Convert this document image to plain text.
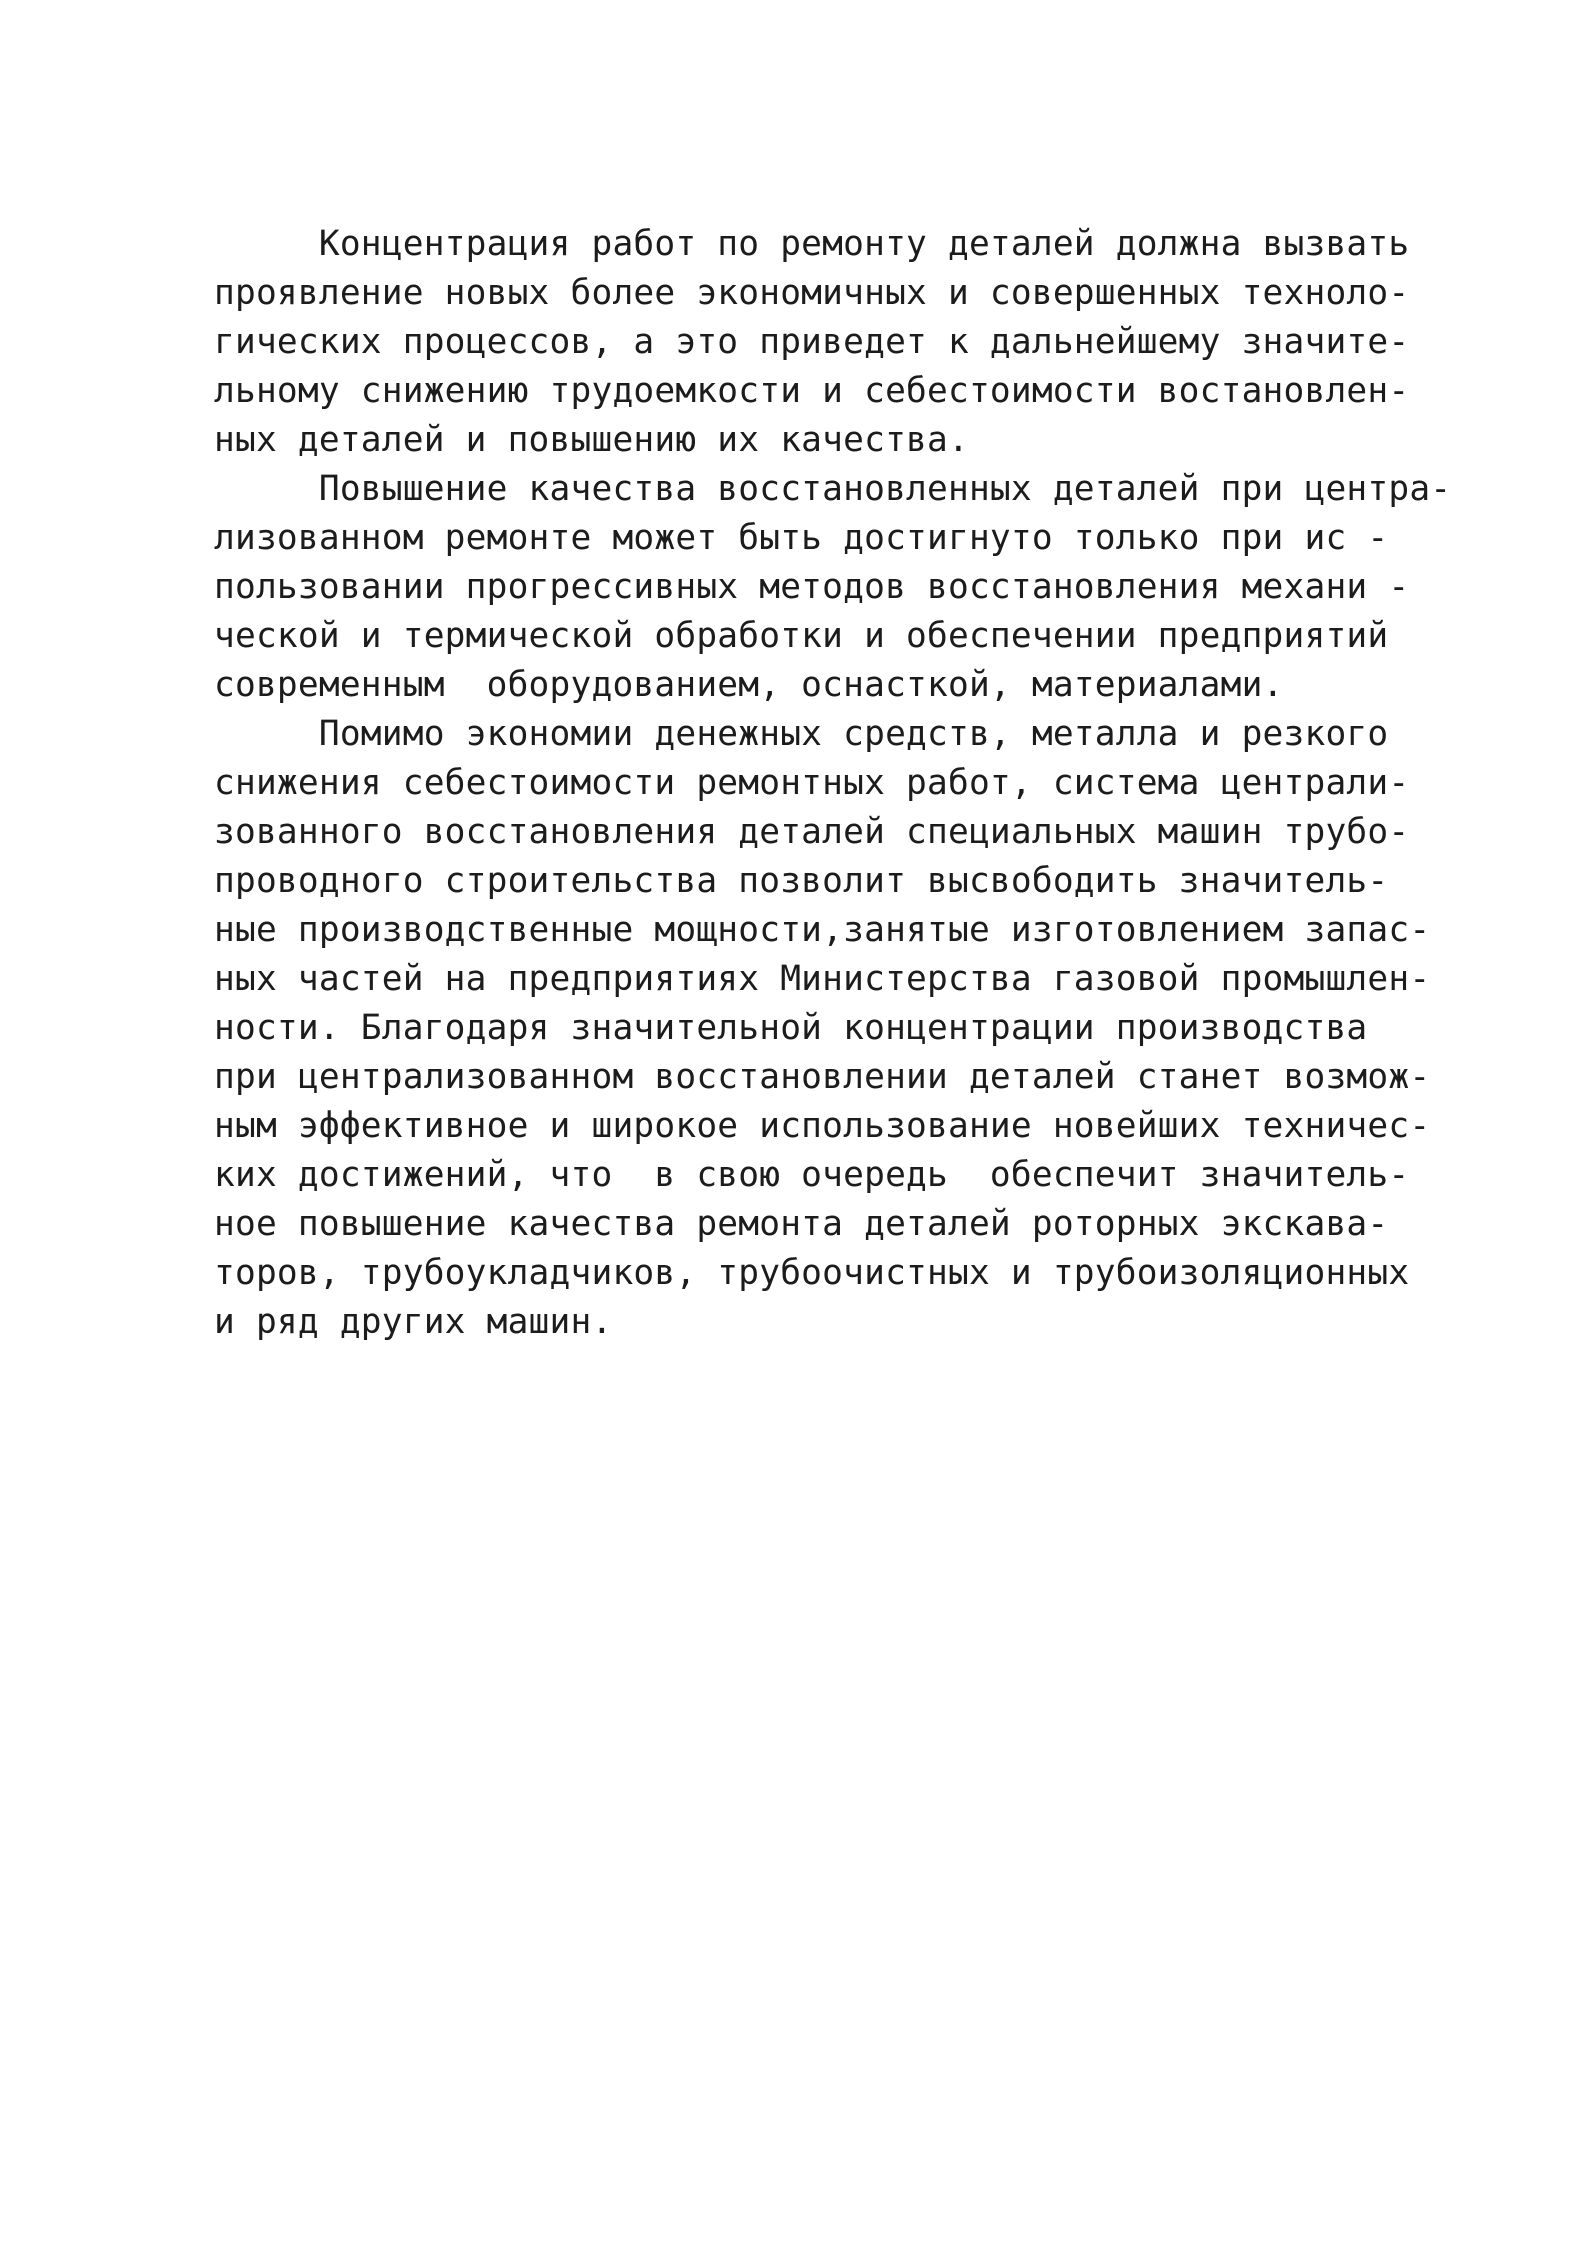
Концентрация работ по ремонту деталей должна вызвать
проявление новых более экономичных и совершенных техноло-
гических процессов, а это приведет к дальнейшему значите-
льному снижению трудоемкости и себестоимости востановлен-
ных деталей и повышению их качества.
Повышение качества восстановленных деталей при центра-
лизованном ремонте может быть достигнуто только при ис -
пользовании прогрессивных методов восстановления механи -
ческой и термической обработки и обеспечении предприятий
современным  оборудованием, оснасткой, материалами.
Помимо экономии денежных средств, металла и резкого
снижения себестоимости ремонтных работ, система централи-
зованного восстановления деталей специальных машин трубо-
проводного строительства позволит высвободить значитель-
ные производственные мощности,занятые изготовлением запас-
ных частей на предприятиях Министерства газовой промышлен-
ности. Благодаря значительной концентрации производства
при централизованном восстановлении деталей станет возмож-
ным эффективное и широкое использование новейших техничес-
ких достижений, что  в свою очередь  обеспечит значитель-
ное повышение качества ремонта деталей роторных экскава-
торов, трубоукладчиков, трубоочистных и трубоизоляционных
и ряд других машин.
